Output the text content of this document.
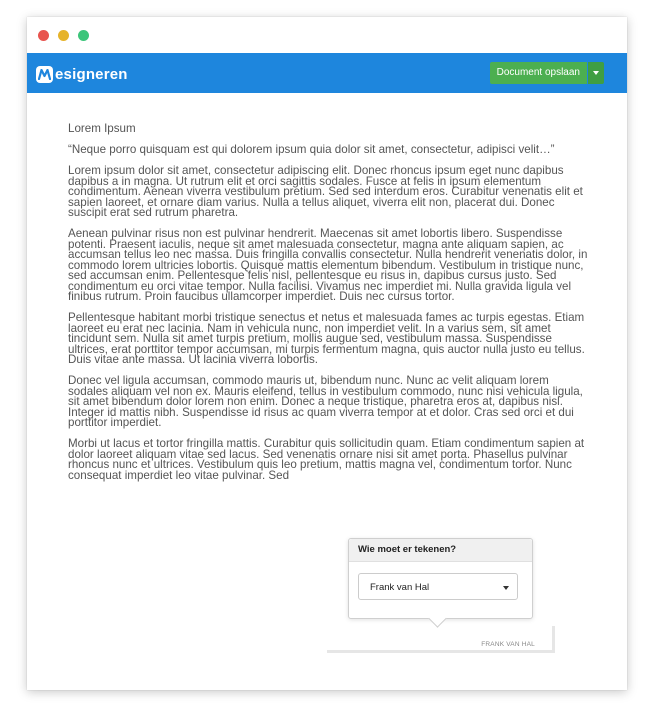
esigneren	Document opslaan

Lorem Ipsum

“Neque porro quisquam est qui dolorem ipsum quia dolor sit amet, consectetur, adipisci velit…”

Lorem ipsum dolor sit amet, consectetur adipiscing elit. Donec rhoncus ipsum eget nunc dapibus dapibus a in magna. Ut rutrum elit et orci sagittis sodales. Fusce at felis in ipsum elementum condimentum. Aenean viverra vestibulum pretium. Sed sed interdum eros. Curabitur venenatis elit et sapien laoreet, et ornare diam varius. Nulla a tellus aliquet, viverra elit non, placerat dui. Donec suscipit erat sed rutrum pharetra.

Aenean pulvinar risus non est pulvinar hendrerit. Maecenas sit amet lobortis libero. Suspendisse potenti. Praesent iaculis, neque sit amet malesuada consectetur, magna ante aliquam sapien, ac accumsan tellus leo nec massa. Duis fringilla convallis consectetur. Nulla hendrerit venenatis dolor, in commodo lorem ultricies lobortis. Quisque mattis elementum bibendum. Vestibulum in tristique nunc, sed accumsan enim. Pellentesque felis nisl, pellentesque eu risus in, dapibus cursus justo. Sed condimentum eu orci vitae tempor. Nulla facilisi. Vivamus nec imperdiet mi. Nulla gravida ligula vel finibus rutrum. Proin faucibus ullamcorper imperdiet. Duis nec cursus tortor.

Pellentesque habitant morbi tristique senectus et netus et malesuada fames ac turpis egestas. Etiam laoreet eu erat nec lacinia. Nam in vehicula nunc, non imperdiet velit. In a varius sem, sit amet tincidunt sem. Nulla sit amet turpis pretium, mollis augue sed, vestibulum massa. Suspendisse ultrices, erat porttitor tempor accumsan, mi turpis fermentum magna, quis auctor nulla justo eu tellus. Duis vitae ante massa. Ut lacinia viverra lobortis.

Donec vel ligula accumsan, commodo mauris ut, bibendum nunc. Nunc ac velit aliquam lorem sodales aliquam vel non ex. Mauris eleifend, tellus in vestibulum commodo, nunc nisi vehicula ligula, sit amet bibendum dolor lorem non enim. Donec a neque tristique, pharetra eros at, dapibus nisl. Integer id mattis nibh. Suspendisse id risus ac quam viverra tempor at et dolor. Cras sed orci et dui porttitor imperdiet.

Morbi ut lacus et tortor fringilla mattis. Curabitur quis sollicitudin quam. Etiam condimentum sapien at dolor laoreet aliquam vitae sed lacus. Sed venenatis ornare nisi sit amet porta. Phasellus pulvinar rhoncus nunc et ultrices. Vestibulum quis leo pretium, mattis magna vel, condimentum tortor. Nunc consequat imperdiet leo vitae pulvinar. Sed

FRANK VAN HAL
Wie moet er tekenen?
Frank van Hal
